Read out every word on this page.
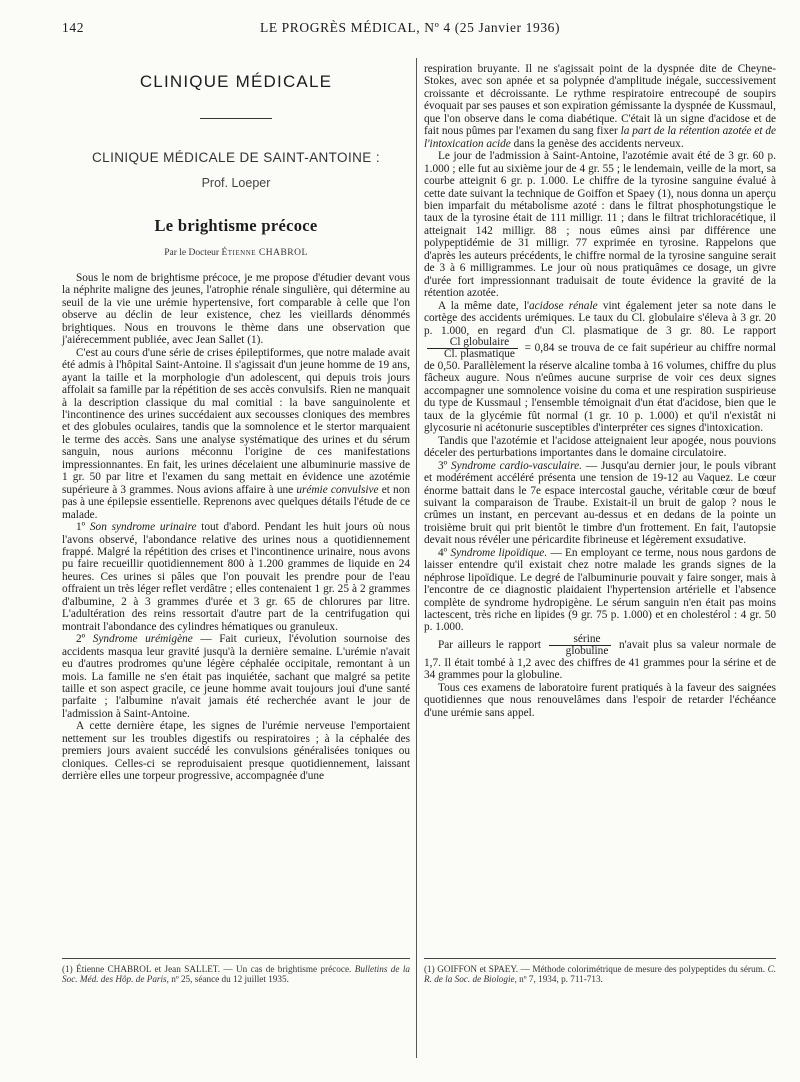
142	LE PROGRÈS MÉDICAL, Nº 4 (25 Janvier 1936)
CLINIQUE MÉDICALE
CLINIQUE MÉDICALE DE SAINT-ANTOINE :
Prof. Loeper
Le brightisme précoce
Par le Docteur Étienne CHABROL

Sous le nom de brightisme précoce, je me propose d'étudier devant vous la néphrite maligne des jeunes, l'atrophie rénale singulière, qui détermine au seuil de la vie une urémie hypertensive, fort comparable à celle que l'on observe au déclin de leur existence, chez les vieillards dénommés brightiques. Nous en trouvons le thème dans une observation que j'aiérecemment publiée, avec Jean Sallet (1).

C'est au cours d'une série de crises épileptiformes, que notre malade avait été admis à l'hôpital Saint-Antoine. Il s'agissait d'un jeune homme de 19 ans, ayant la taille et la morphologie d'un adolescent, qui depuis trois jours affolait sa famille par la répétition de ses accès convulsifs. Rien ne manquait à la description classique du mal comitial : la bave sanguinolente et l'incontinence des urines succédaient aux secousses cloniques des membres et des globules oculaires, tandis que la somnolence et le stertor marquaient le terme des accès. Sans une analyse systématique des urines et du sérum sanguin, nous aurions méconnu l'origine de ces manifestations impressionnantes. En fait, les urines décelaient une albuminurie massive de 1 gr. 50 par litre et l'examen du sang mettait en évidence une azotémie supérieure à 3 grammes. Nous avions affaire à une urémie convulsive et non pas à une épilepsie essentielle. Reprenons avec quelques détails l'étude de ce malade.

1º Son syndrome urinaire tout d'abord. Pendant les huit jours où nous l'avons observé, l'abondance relative des urines nous a quotidiennement frappé. Malgré la répétition des crises et l'incontinence urinaire, nous avons pu faire recueillir quotidiennement 800 à 1.200 grammes de liquide en 24 heures. Ces urines si pâles que l'on pouvait les prendre pour de l'eau offraient un très léger reflet verdâtre ; elles contenaient 1 gr. 25 à 2 grammes d'albumine, 2 à 3 grammes d'urée et 3 gr. 65 de chlorures par litre. L'adultération des reins ressortait d'autre part de la centrifugation qui montrait l'abondance des cylindres hématiques ou granuleux.

2º Syndrome urémigène — Fait curieux, l'évolution sournoise des accidents masqua leur gravité jusqu'à la dernière semaine. L'urémie n'avait eu d'autres prodromes qu'une légère céphalée occipitale, remontant à un mois. La famille ne s'en était pas inquiétée, sachant que malgré sa petite taille et son aspect gracile, ce jeune homme avait toujours joui d'une santé parfaite ; l'albumine n'avait jamais été recherchée avant le jour de l'admission à Saint-Antoine.

A cette dernière étape, les signes de l'urémie nerveuse l'emportaient nettement sur les troubles digestifs ou respiratoires ; à la céphalée des premiers jours avaient succédé les convulsions généralisées toniques ou cloniques. Celles-ci se reproduisaient presque quotidiennement, laissant derrière elles une torpeur progressive, accompagnée d'une

(1) Étienne CHABROL et Jean SALLET. — Un cas de brightisme précoce. Bulletins de la Soc. Méd. des Hôp. de Paris, nº 25, séance du 12 juillet 1935.

respiration bruyante. Il ne s'agissait point de la dyspnée dite de Cheyne-Stokes, avec son apnée et sa polypnée d'amplitude inégale, successivement croissante et décroissante. Le rythme respiratoire entrecoupé de soupirs évoquait par ses pauses et son expiration gémissante la dyspnée de Kussmaul, que l'on observe dans le coma diabétique. C'était là un signe d'acidose et de fait nous pûmes par l'examen du sang fixer la part de la rétention azotée et de l'intoxication acide dans la genèse des accidents nerveux.

Le jour de l'admission à Saint-Antoine, l'azotémie avait été de 3 gr. 60 p. 1.000 ; elle fut au sixième jour de 4 gr. 55 ; le lendemain, veille de la mort, sa courbe atteignit 6 gr. p. 1.000. Le chiffre de la tyrosine sanguine évalué à cette date suivant la technique de Goiffon et Spaey (1), nous donna un aperçu bien imparfait du métabolisme azoté : dans le filtrat phosphotungstique le taux de la tyrosine était de 111 milligr. 11 ; dans le filtrat trichloracétique, il atteignait 142 milligr. 88 ; nous eûmes ainsi par différence une polypeptidémie de 31 milligr. 77 exprimée en tyrosine. Rappelons que d'après les auteurs précédents, le chiffre normal de la tyrosine sanguine serait de 3 à 6 milligrammes. Le jour où nous pratiquâmes ce dosage, un givre d'urée fort impressionnant traduisait de toute évidence la gravité de la rétention azotée.

A la même date, l'acidose rénale vint également jeter sa note dans le cortège des accidents urémiques. Le taux du Cl. globulaire s'éleva à 3 gr. 20 p. 1.000, en regard d'un Cl. plasmatique de 3 gr. 80. Le rapport
$\frac{\text{Cl globulaire}}{\text{Cl. plasmatique}} = 0,84$ se trouva de ce fait supérieur au chiffre normal de 0,50. Parallèlement la réserve alcaline tomba à 16 volumes, chiffre du plus fâcheux augure. Nous n'eûmes aucune surprise de voir ces deux signes accompagner une somnolence voisine du coma et une respiration suspirieuse du type de Kussmaul ; l'ensemble témoignait d'un état d'acidose, bien que le taux de la glycémie fût normal (1 gr. 10 p. 1.000) et qu'il n'existât ni glycosurie ni acétonurie susceptibles d'interpréter ces signes d'intoxication.

Tandis que l'azotémie et l'acidose atteignaient leur apogée, nous pouvions déceler des perturbations importantes dans le domaine circulatoire.

3º Syndrome cardio-vasculaire. — Jusqu'au dernier jour, le pouls vibrant et modérément accéléré présenta une tension de 19-12 au Vaquez. Le cœur énorme battait dans le 7e espace intercostal gauche, véritable cœur de bœuf suivant la comparaison de Traube. Existait-il un bruit de galop ? nous le crûmes un instant, en percevant au-dessus et en dedans de la pointe un troisième bruit qui prit bientôt le timbre d'un frottement. En fait, l'autopsie devait nous révéler une péricardite fibrineuse et légèrement exsudative.

4º Syndrome lipoïdique. — En employant ce terme, nous nous gardons de laisser entendre qu'il existait chez notre malade les grands signes de la néphrose lipoïdique. Le degré de l'albuminurie pouvait y faire songer, mais à l'encontre de ce diagnostic plaidaient l'hypertension artérielle et l'absence complète de syndrome hydropigène. Le sérum sanguin n'en était pas moins lactescent, très riche en lipides (9 gr. 75 p. 1.000) et en cholestérol : 4 gr. 50 p. 1.000.

Par ailleurs le rapport $\frac{\text{sérine}}{\text{globuline}}$ n'avait plus sa valeur normale de 1,7. Il était tombé à 1,2 avec des chiffres de 41 grammes pour la sérine et de 34 grammes pour la globuline.

Tous ces examens de laboratoire furent pratiqués à la faveur des saignées quotidiennes que nous renouvelâmes dans l'espoir de retarder l'échéance d'une urémie sans appel.

(1) GOIFFON et SPAEY. — Méthode colorimétrique de mesure des polypeptides du sérum. C. R. de la Soc. de Biologie, nº 7, 1934, p. 711-713.
